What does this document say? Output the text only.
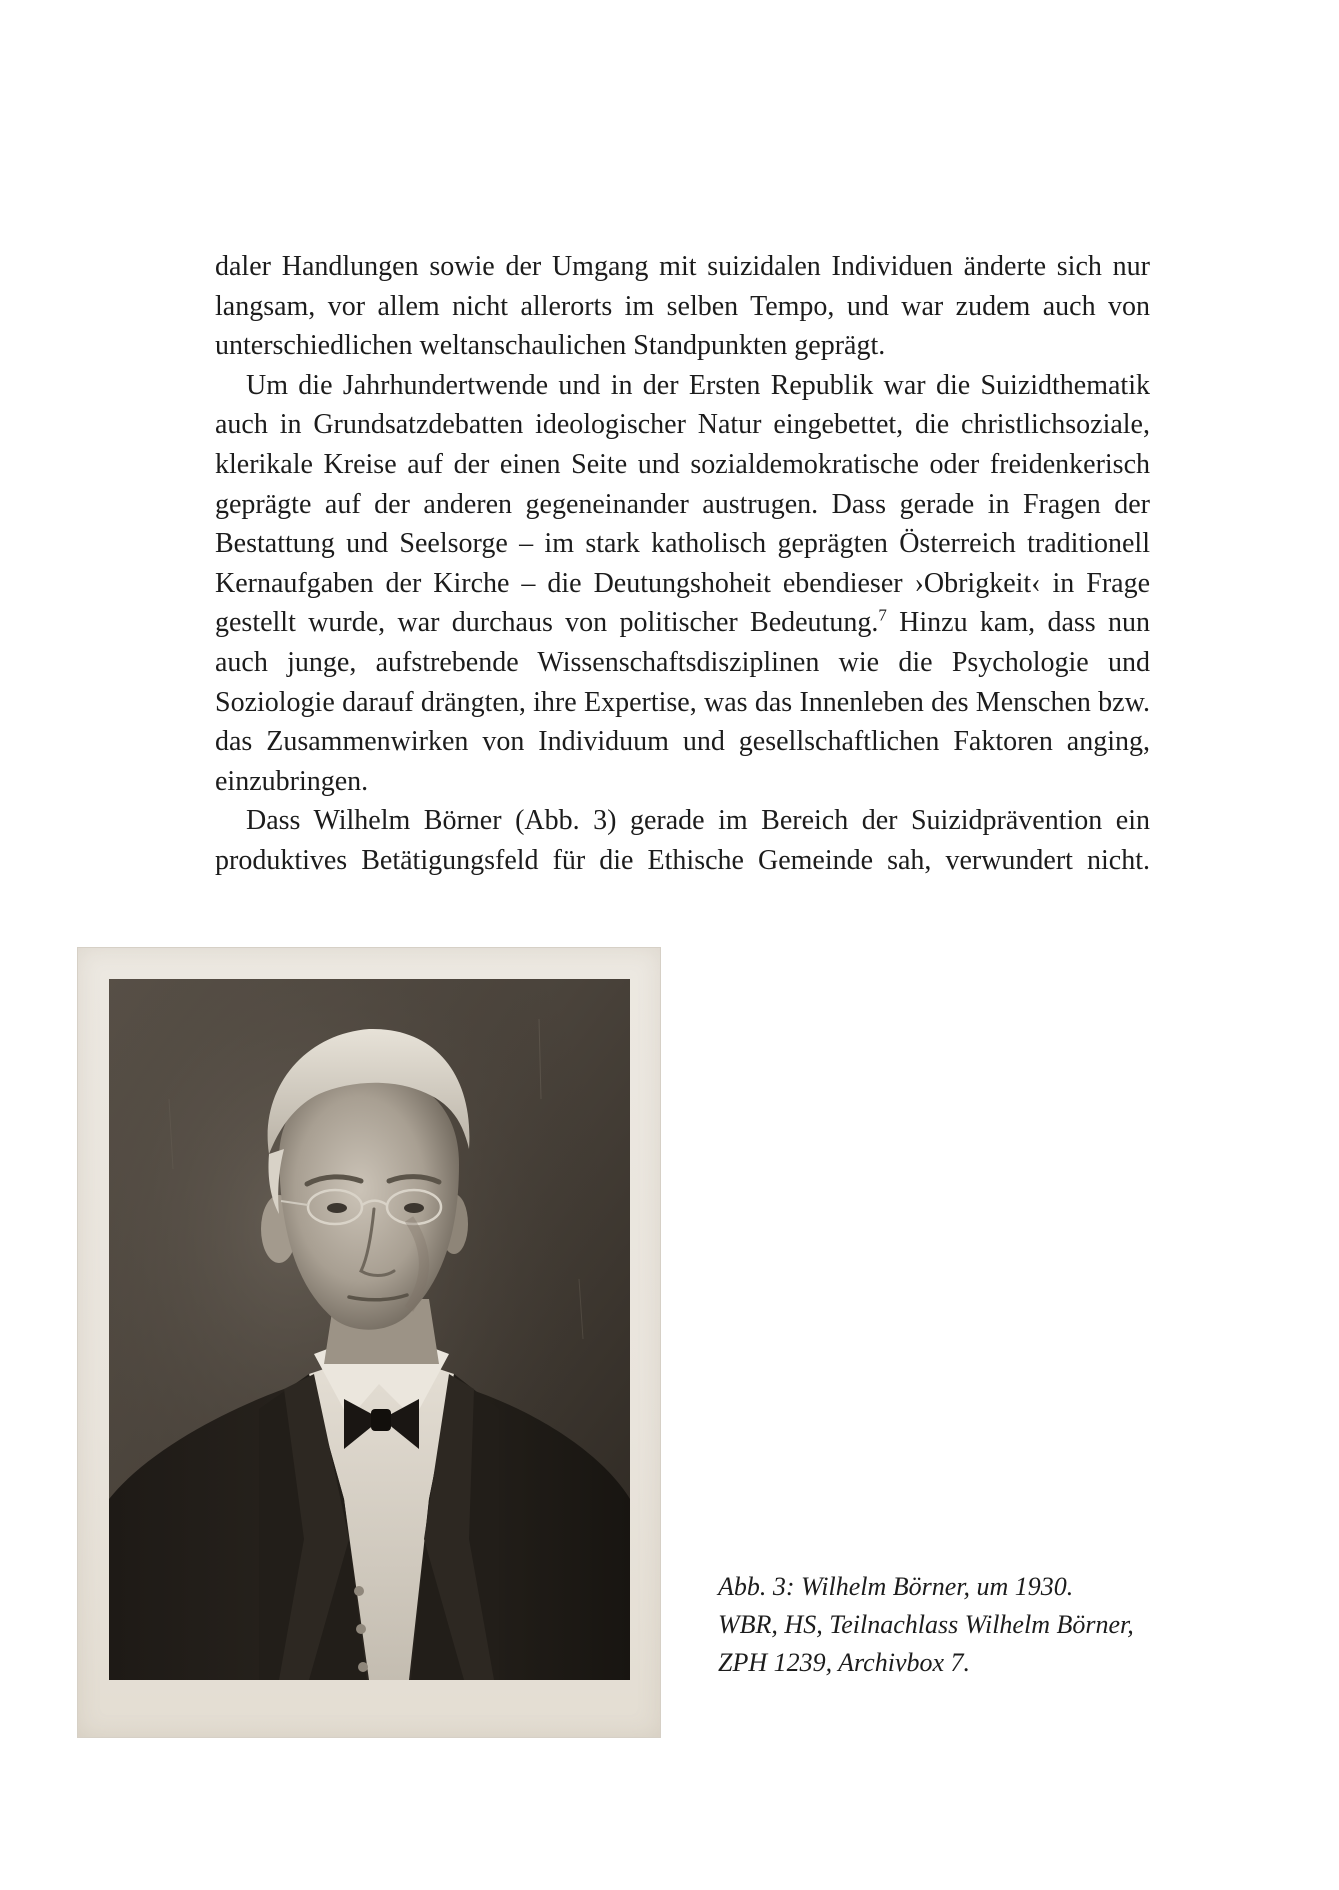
daler Handlungen sowie der Umgang mit suizidalen Individuen änderte sich nur langsam, vor allem nicht allerorts im selben Tempo, und war zudem auch von unterschiedlichen weltanschaulichen Standpunkten geprägt.

Um die Jahrhundertwende und in der Ersten Republik war die Suizidthematik auch in Grundsatzdebatten ideologischer Natur eingebettet, die christlichsoziale, klerikale Kreise auf der einen Seite und sozialdemokratische oder freidenkerisch geprägte auf der anderen gegeneinander austrugen. Dass gerade in Fragen der Bestattung und Seelsorge – im stark katholisch geprägten Österreich traditionell Kernaufgaben der Kirche – die Deutungshoheit ebendieser ›Obrigkeit‹ in Frage gestellt wurde, war durchaus von politischer Bedeutung.$^7$ Hinzu kam, dass nun auch junge, aufstrebende Wissenschaftsdisziplinen wie die Psychologie und Soziologie darauf drängten, ihre Expertise, was das Innenleben des Menschen bzw. das Zusammenwirken von Individuum und gesellschaftlichen Faktoren anging, einzubringen.

Dass Wilhelm Börner (Abb. 3) gerade im Bereich der Suizidprävention ein produktives Betätigungsfeld für die Ethische Gemeinde sah, verwundert nicht.

Abb. 3: Wilhelm Börner, um 1930.
WBR, HS, Teilnachlass Wilhelm Börner,
ZPH 1239, Archivbox 7.
